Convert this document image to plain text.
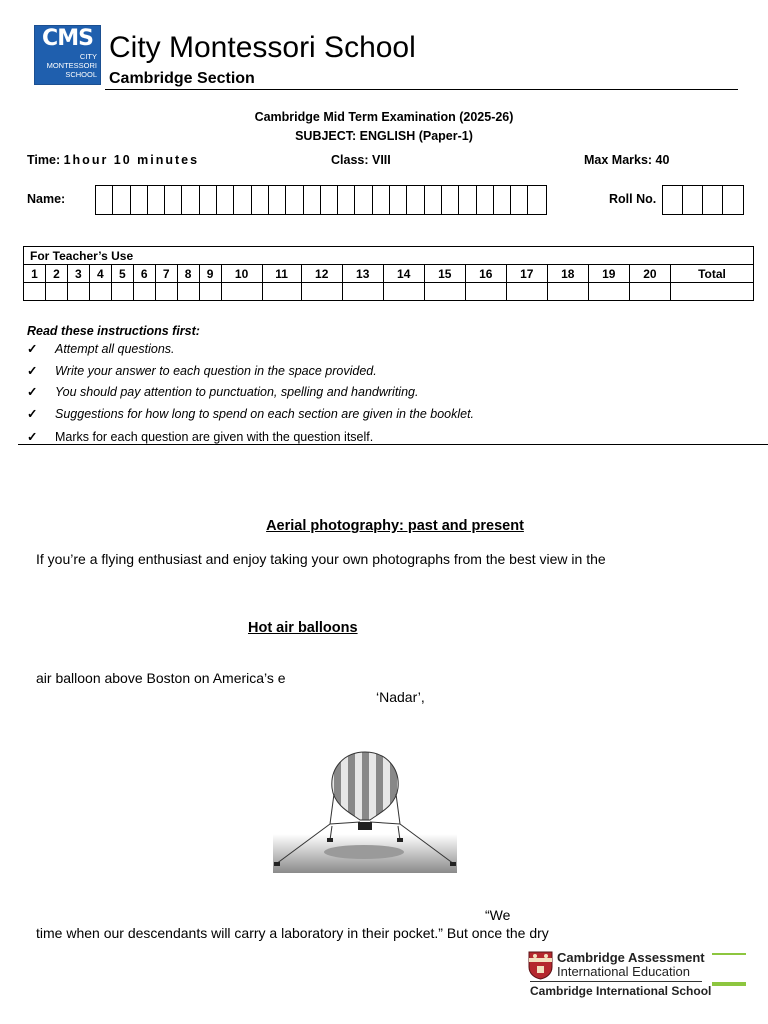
CMS
CITY
MONTESSORI
SCHOOL
City Montessori School
Cambridge Section
Cambridge Mid Term Examination (2025-26)
SUBJECT: ENGLISH (Paper-1)
Time: 1hour 10 minutes	Class: VIII	Max Marks: 40
Name:	Roll No.
For Teacher’s Use																				
1	2	3	4	5	6	7	8	9	10	11	12	13	14	15	16	17	18	19	20	Total

Read these instructions first:
✓ Attempt all questions.
✓ Write your answer to each question in the space provided.
✓ You should pay attention to punctuation, spelling and handwriting.
✓ Suggestions for how long to spend on each section are given in the booklet.
✓ Marks for each question are given with the question itself.
Aerial photography: past and present
If you’re a flying enthusiast and enjoy taking your own photographs from the best view in the
Hot air balloons
air balloon above Boston on America’s e
‘Nadar’,
“We
time when our descendants will carry a laboratory in their pocket.” But once the dry
Cambridge Assessment
International Education
Cambridge International School
